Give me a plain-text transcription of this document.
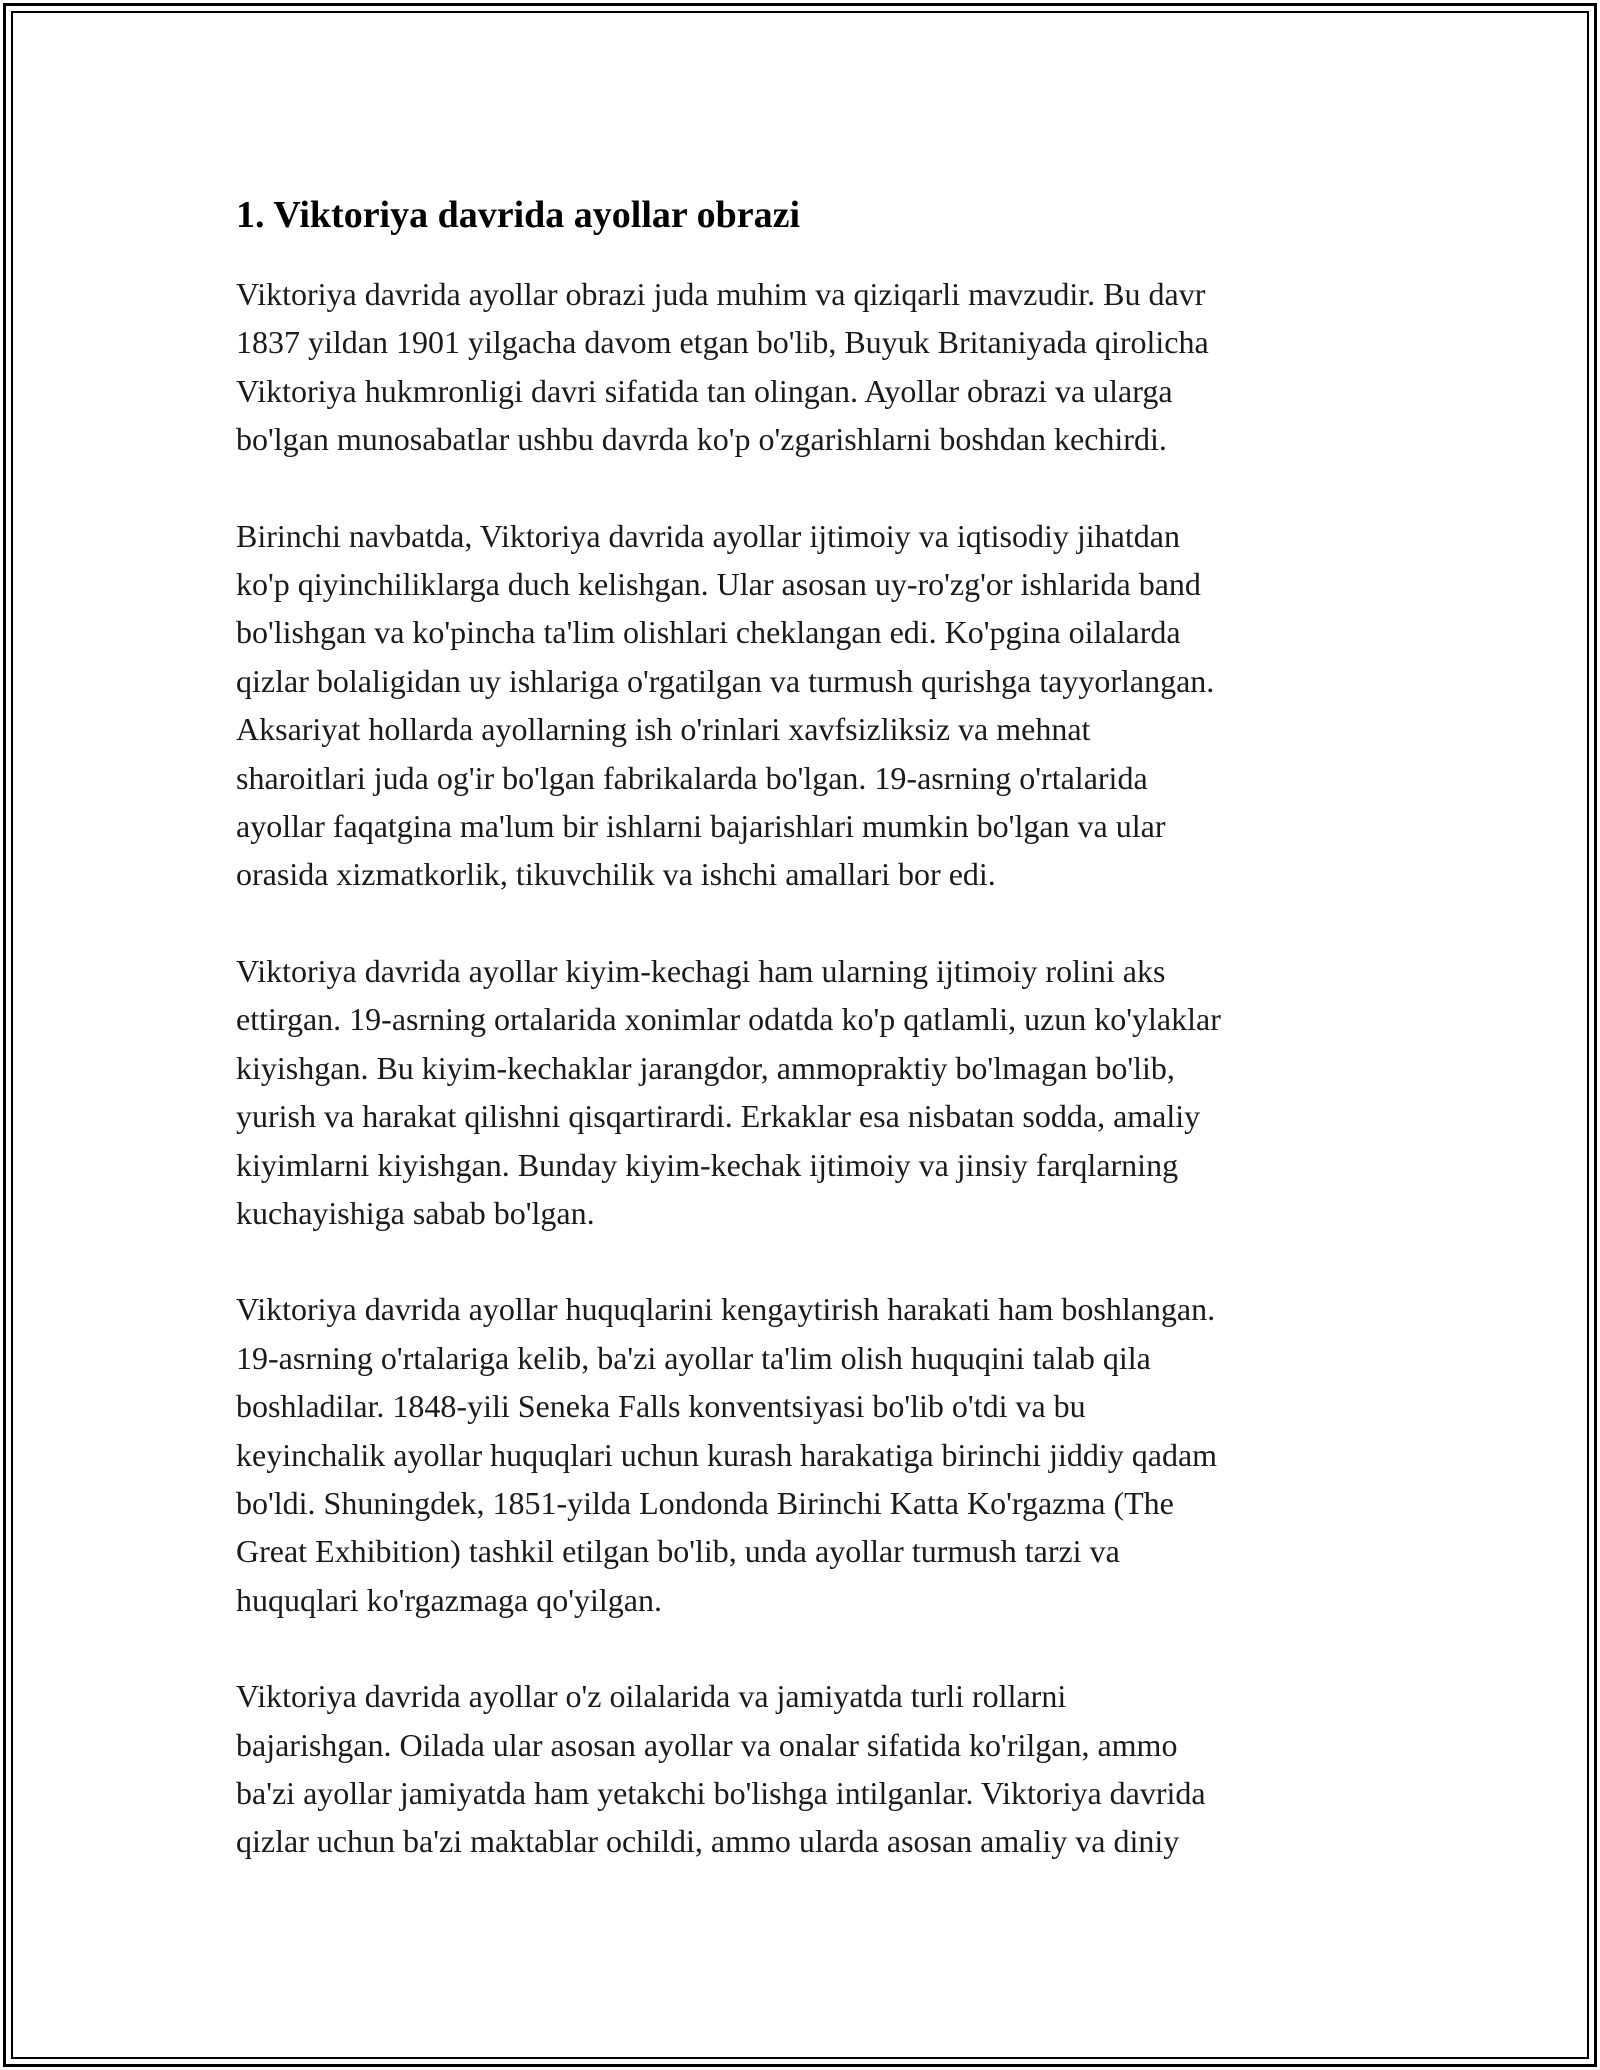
1. Viktoriya davrida ayollar obrazi

Viktoriya davrida ayollar obrazi juda muhim va qiziqarli mavzudir. Bu davr
1837 yildan 1901 yilgacha davom etgan bo'lib, Buyuk Britaniyada qirolicha
Viktoriya hukmronligi davri sifatida tan olingan. Ayollar obrazi va ularga
bo'lgan munosabatlar ushbu davrda ko'p o'zgarishlarni boshdan kechirdi.

Birinchi navbatda, Viktoriya davrida ayollar ijtimoiy va iqtisodiy jihatdan
ko'p qiyinchiliklarga duch kelishgan. Ular asosan uy-ro'zg'or ishlarida band
bo'lishgan va ko'pincha ta'lim olishlari cheklangan edi. Ko'pgina oilalarda
qizlar bolaligidan uy ishlariga o'rgatilgan va turmush qurishga tayyorlangan.
Aksariyat hollarda ayollarning ish o'rinlari xavfsizliksiz va mehnat
sharoitlari juda og'ir bo'lgan fabrikalarda bo'lgan. 19-asrning o'rtalarida
ayollar faqatgina ma'lum bir ishlarni bajarishlari mumkin bo'lgan va ular
orasida xizmatkorlik, tikuvchilik va ishchi amallari bor edi.

Viktoriya davrida ayollar kiyim-kechagi ham ularning ijtimoiy rolini aks
ettirgan. 19-asrning ortalarida xonimlar odatda ko'p qatlamli, uzun ko'ylaklar
kiyishgan. Bu kiyim-kechaklar jarangdor, ammopraktiy bo'lmagan bo'lib,
yurish va harakat qilishni qisqartirardi. Erkaklar esa nisbatan sodda, amaliy
kiyimlarni kiyishgan. Bunday kiyim-kechak ijtimoiy va jinsiy farqlarning
kuchayishiga sabab bo'lgan.

Viktoriya davrida ayollar huquqlarini kengaytirish harakati ham boshlangan.
19-asrning o'rtalariga kelib, ba'zi ayollar ta'lim olish huquqini talab qila
boshladilar. 1848-yili Seneka Falls konventsiyasi bo'lib o'tdi va bu
keyinchalik ayollar huquqlari uchun kurash harakatiga birinchi jiddiy qadam
bo'ldi. Shuningdek, 1851-yilda Londonda Birinchi Katta Ko'rgazma (The
Great Exhibition) tashkil etilgan bo'lib, unda ayollar turmush tarzi va
huquqlari ko'rgazmaga qo'yilgan.

Viktoriya davrida ayollar o'z oilalarida va jamiyatda turli rollarni
bajarishgan. Oilada ular asosan ayollar va onalar sifatida ko'rilgan, ammo
ba'zi ayollar jamiyatda ham yetakchi bo'lishga intilganlar. Viktoriya davrida
qizlar uchun ba'zi maktablar ochildi, ammo ularda asosan amaliy va diniy
